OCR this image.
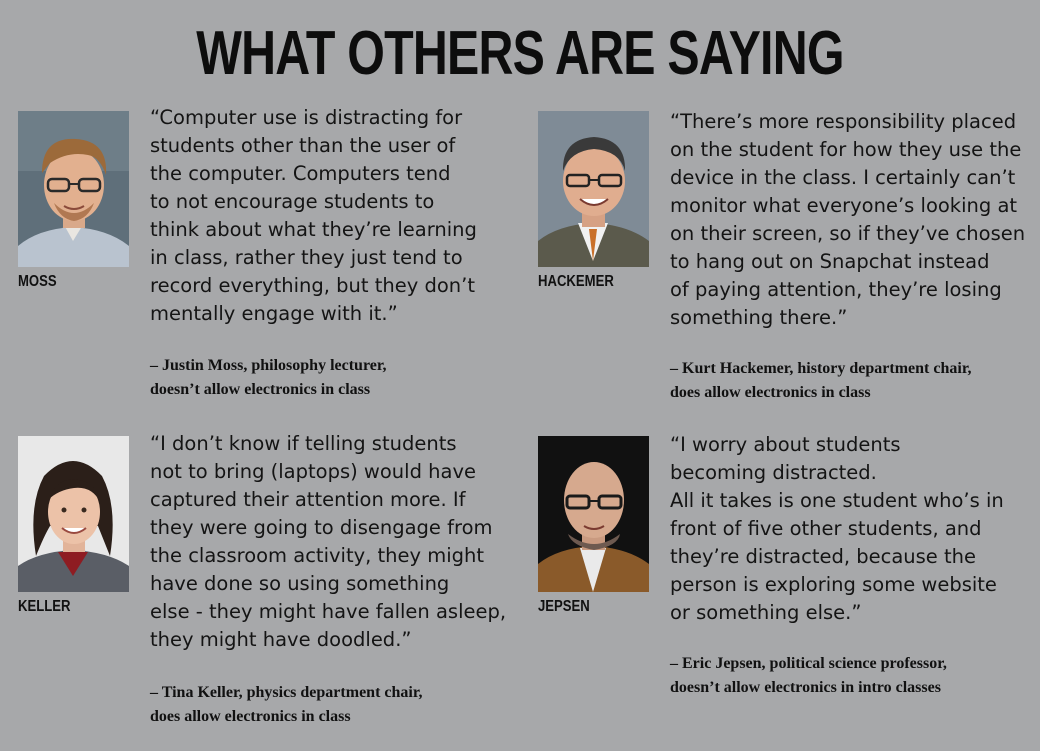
WHAT OTHERS ARE SAYING
MOSS
“Computer use is distracting for
students other than the user of
the computer. Computers tend
to not encourage students to
think about what they’re learning
in class, rather they just tend to
record everything, but they don’t
mentally engage with it.”
– Justin Moss, philosophy lecturer,
doesn’t allow electronics in class
HACKEMER
“There’s more responsibility placed
on the student for how they use the
device in the class. I certainly can’t
monitor what everyone’s looking at
on their screen, so if they’ve chosen
to hang out on Snapchat instead
of paying attention, they’re losing
something there.”
– Kurt Hackemer, history department chair,
does allow electronics in class
KELLER
“I don’t know if telling students
not to bring (laptops) would have
captured their attention more. If
they were going to disengage from
the classroom activity, they might
have done so using something
else - they might have fallen asleep,
they might have doodled.”
– Tina Keller, physics department chair,
does allow electronics in class
JEPSEN
“I worry about students
becoming distracted.
All it takes is one student who’s in
front of five other students, and
they’re distracted, because the
person is exploring some website
or something else.”
– Eric Jepsen, political science professor,
doesn’t allow electronics in intro classes
